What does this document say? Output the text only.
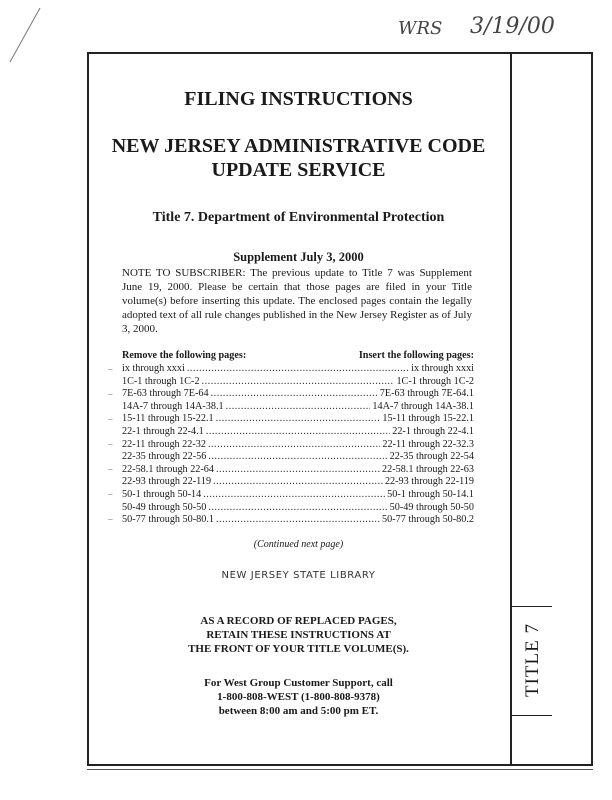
WRS 3/19/00
TITLE 7
FILING INSTRUCTIONS
NEW JERSEY ADMINISTRATIVE CODE
UPDATE SERVICE
Title 7. Department of Environmental Protection
Supplement July 3, 2000
NOTE TO SUBSCRIBER: The previous update to Title 7 was Supplement June 19, 2000. Please be certain that those pages are filed in your Title volume(s) before inserting this update. The enclosed pages contain the legally adopted text of all rule changes published in the New Jersey Register as of July 3, 2000.
Remove the following pages:	Insert the following pages:
ix through xxxi .....	ix through xxxi
1C-1 through 1C-2 .....	1C-1 through 1C-2
7E-63 through 7E-64 .....	7E-63 through 7E-64.1
14A-7 through 14A-38.1 .....	14A-7 through 14A-38.1
15-11 through 15-22.1 .....	15-11 through 15-22.1
22-1 through 22-4.1 .....	22-1 through 22-4.1
22-11 through 22-32 .....	22-11 through 22-32.3
22-35 through 22-56 .....	22-35 through 22-54
22-58.1 through 22-64 .....	22-58.1 through 22-63
22-93 through 22-119 .....	22-93 through 22-119
50-1 through 50-14 .....	50-1 through 50-14.1
50-49 through 50-50 .....	50-49 through 50-50
50-77 through 50-80.1 .....	50-77 through 50-80.2
–
–
–
–
–
–
–
(Continued next page)
NEW JERSEY STATE LIBRARY
AS A RECORD OF REPLACED PAGES,
RETAIN THESE INSTRUCTIONS AT
THE FRONT OF YOUR TITLE VOLUME(S).
For West Group Customer Support, call
1-800-808-WEST (1-800-808-9378)
between 8:00 am and 5:00 pm ET.
